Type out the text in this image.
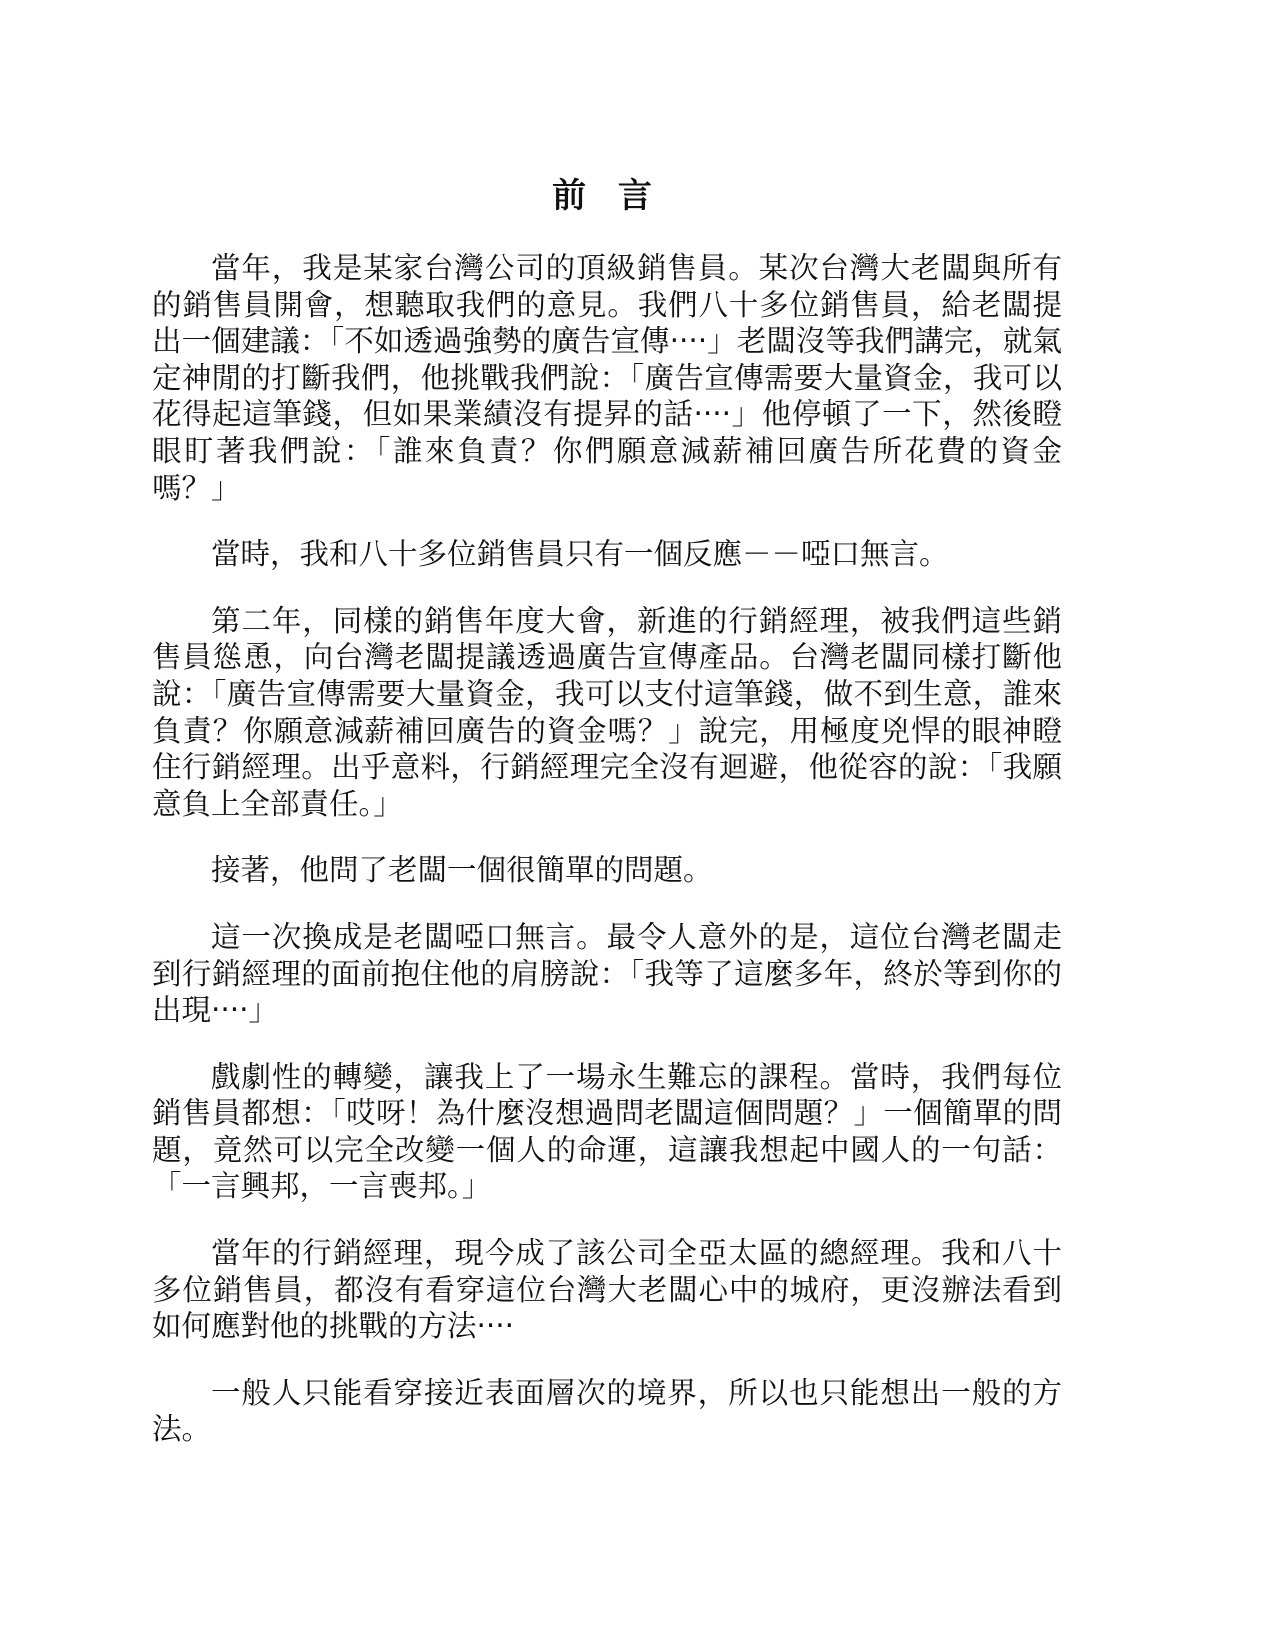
前 言

當年，我是某家台灣公司的頂級銷售員。某次台灣大老闆與所有的銷售員開會，想聽取我們的意見。我們八十多位銷售員，給老闆提出一個建議：「不如透過強勢的廣告宣傳‧‧‧‧」老闆沒等我們講完，就氣定神閒的打斷我們，他挑戰我們說：「廣告宣傳需要大量資金，我可以花得起這筆錢，但如果業績沒有提昇的話‧‧‧‧」他停頓了一下，然後瞪眼盯著我們說：「誰來負責？你們願意減薪補回廣告所花費的資金嗎？」

當時，我和八十多位銷售員只有一個反應－－啞口無言。

第二年，同樣的銷售年度大會，新進的行銷經理，被我們這些銷售員慫恿，向台灣老闆提議透過廣告宣傳產品。台灣老闆同樣打斷他說：「廣告宣傳需要大量資金，我可以支付這筆錢，做不到生意，誰來負責？你願意減薪補回廣告的資金嗎？」說完，用極度兇悍的眼神瞪住行銷經理。出乎意料，行銷經理完全沒有迴避，他從容的說：「我願意負上全部責任。」

接著，他問了老闆一個很簡單的問題。

這一次換成是老闆啞口無言。最令人意外的是，這位台灣老闆走到行銷經理的面前抱住他的肩膀說：「我等了這麼多年，終於等到你的出現‧‧‧‧」

戲劇性的轉變，讓我上了一場永生難忘的課程。當時，我們每位銷售員都想：「哎呀！為什麼沒想過問老闆這個問題？」一個簡單的問題，竟然可以完全改變一個人的命運，這讓我想起中國人的一句話：「一言興邦，一言喪邦。」

當年的行銷經理，現今成了該公司全亞太區的總經理。我和八十多位銷售員，都沒有看穿這位台灣大老闆心中的城府，更沒辦法看到如何應對他的挑戰的方法‧‧‧‧

一般人只能看穿接近表面層次的境界，所以也只能想出一般的方法。
